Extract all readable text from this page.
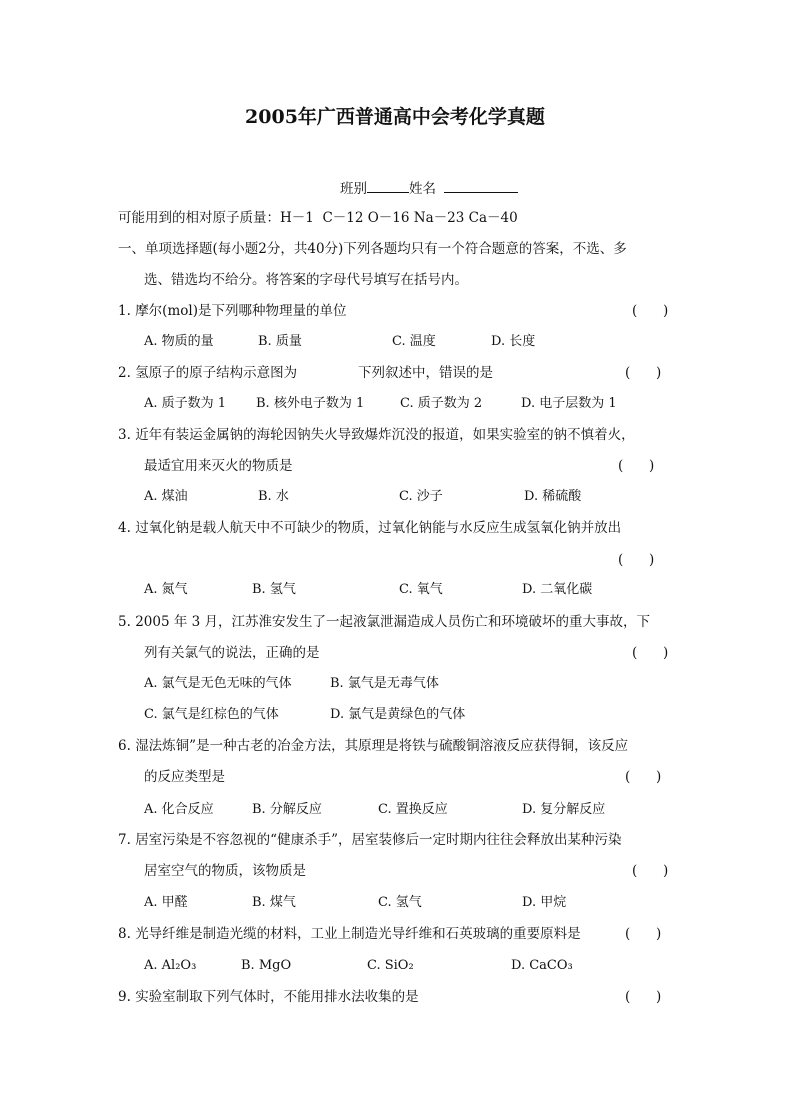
2005年广西普通高中会考化学真题
班别	姓名
可能用到的相对原子质量：H－1  C－12 O－16 Na－23 Ca－40
一、单项选择题(每小题2分，共40分)下列各题均只有一个符合题意的答案，不选、多
选、错选均不给分。将答案的字母代号填写在括号内。
1. 摩尔(mol)是下列哪种物理量的单位	(      )
A. 物质的量	B. 质量	C. 温度	D. 长度
2. 氢原子的原子结构示意图为	下列叙述中，错误的是	(      )
A. 质子数为 1 B. 核外电子数为 1	C. 质子数为 2	D. 电子层数为 1
3. 近年有装运金属钠的海轮因钠失火导致爆炸沉没的报道，如果实验室的钠不慎着火，
最适宜用来灭火的物质是	(      )
A. 煤油	B. 水	C. 沙子	D. 稀硫酸
4. 过氧化钠是载人航天中不可缺少的物质，过氧化钠能与水反应生成氢氧化钠并放出
(      )
A. 氮气	B. 氢气	C. 氧气	D. 二氧化碳
5. 2005 年 3 月，江苏淮安发生了一起液氯泄漏造成人员伤亡和环境破坏的重大事故，下
列有关氯气的说法，正确的是	(      )
A. 氯气是无色无味的气体	B. 氯气是无毒气体
C. 氯气是红棕色的气体	D. 氯气是黄绿色的气体
6. 湿法炼铜”是一种古老的冶金方法，其原理是将铁与硫酸铜溶液反应获得铜，该反应
的反应类型是	(      )
A. 化合反应	B. 分解反应	C. 置换反应	D. 复分解反应
7. 居室污染是不容忽视的“健康杀手”，居室装修后一定时期内往往会释放出某种污染
居室空气的物质，该物质是	(      )
A. 甲醛	B. 煤气	C. 氢气	D. 甲烷
8. 光导纤维是制造光缆的材料，工业上制造光导纤维和石英玻璃的重要原料是	(      )
A. Al₂O₃	B. MgO	C. SiO₂	D. CaCO₃
9. 实验室制取下列气体时，不能用排水法收集的是	(      )
